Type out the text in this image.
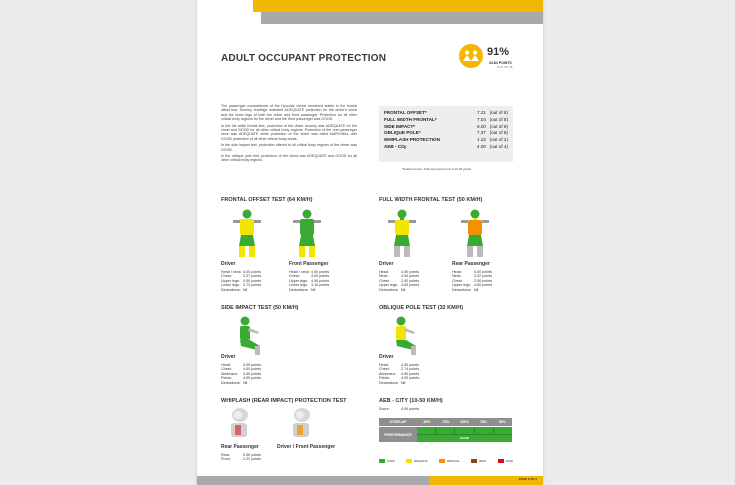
ADULT OCCUPANT PROTECTION
91%
34.84 POINTS
OUT OF 38

The passenger compartment of the Hyundai Venue remained stable in the frontal offset test. Dummy readings indicated ADEQUATE protection for the driver's chest and the lower legs of both the driver and front passenger. Protection for all other critical body regions for the driver and the front passenger was GOOD.

In the full width frontal test, protection of the driver dummy was ADEQUATE for the chest and GOOD for all other critical body regions. Protection of the rear passenger neck was ADEQUATE while protection of the chest was rated MARGINAL with GOOD protection of all other critical body areas.

In the side impact test, protection offered to all critical body regions of the driver was GOOD.

In the oblique pole test, protection of the chest was ADEQUATE and GOOD for all other critical body regions.

FRONTAL OFFSET*	7.21 (out of 8)
FULL WIDTH FRONTAL*	7.04 (out of 8)
SIDE IMPACT*	8.00 (out of 8)
OBLIQUE POLE*	7.37 (out of 8)
WHIPLASH PROTECTION	1.22 (out of 2)
AEB - City	4.00 (out of 4)
*Scaled scores. Total test scored out of 16.00 points.
FRONTAL OFFSET TEST (64 KM/H)
Driver	Front Passenger
Head / neck: 4.00 points
Chest:	3.27 points
Upper legs: 4.00 points
Lower legs: 3.73 points
Deductions: Nil
Head / neck: 4.00 points
Chest:	4.00 points
Upper legs: 4.00 points
Lower legs: 3.16 points
Deductions: Nil
FULL WIDTH FRONTAL TEST (50 KM/H)
Driver	Rear Passenger
Head:	4.00 points
Neck:	4.00 points
Chest:	2.92 points
Upper legs: 4.00 points
Deductions: Nil
Head:	4.00 points
Neck:	3.22 points
Chest:	2.00 points
Upper legs: 4.00 points
Deductions: Nil
SIDE IMPACT TEST (50 KM/H)
Driver
Head:	4.00 points
Chest:	4.00 points
Abdomen:	4.00 points
Pelvis:	4.00 points
Deductions: Nil
OBLIQUE POLE TEST (32 KM/H)
Driver
Head:	4.00 points
Chest:	2.74 points
Abdomen:	4.00 points
Pelvis:	4.00 points
Deductions: Nil
WHIPLASH (REAR IMPACT) PROTECTION TEST
Rear Passenger	Driver / Front Passenger
Rear:	0.00 points
Front:	1.22 points
AEB - CITY (10-50 KM/H)
Score:	4.00 points
OVERLAP	-50%	-75%	100%	75%	50%
PERFORMANCE
GOOD
GOOD	ADEQUATE	MARGINAL	WEAK	POOR
PAGE 2 OF 5
